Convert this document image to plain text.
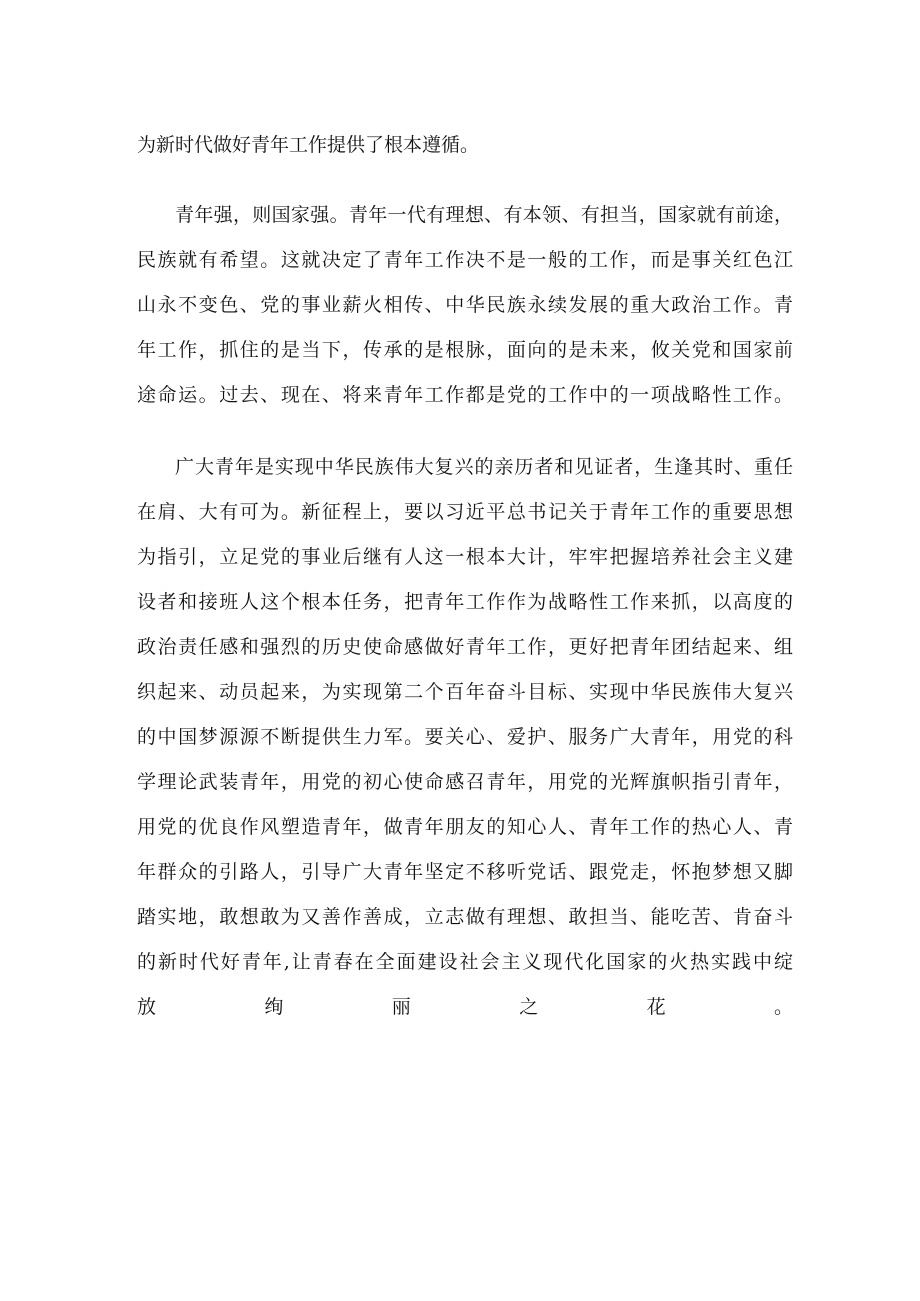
为新时代做好青年工作提供了根本遵循。
青年强，则国家强。青年一代有理想、有本领、有担当，国家就有前途，
民族就有希望。这就决定了青年工作决不是一般的工作，而是事关红色江
山永不变色、党的事业薪火相传、中华民族永续发展的重大政治工作。青
年工作，抓住的是当下，传承的是根脉，面向的是未来，攸关党和国家前
途命运。过去、现在、将来青年工作都是党的工作中的一项战略性工作。
广大青年是实现中华民族伟大复兴的亲历者和见证者，生逢其时、重任
在肩、大有可为。新征程上，要以习近平总书记关于青年工作的重要思想
为指引，立足党的事业后继有人这一根本大计，牢牢把握培养社会主义建
设者和接班人这个根本任务，把青年工作作为战略性工作来抓，以高度的
政治责任感和强烈的历史使命感做好青年工作，更好把青年团结起来、组
织起来、动员起来，为实现第二个百年奋斗目标、实现中华民族伟大复兴
的中国梦源源不断提供生力军。要关心、爱护、服务广大青年，用党的科
学理论武装青年，用党的初心使命感召青年，用党的光辉旗帜指引青年，
用党的优良作风塑造青年，做青年朋友的知心人、青年工作的热心人、青
年群众的引路人，引导广大青年坚定不移听党话、跟党走，怀抱梦想又脚
踏实地，敢想敢为又善作善成，立志做有理想、敢担当、能吃苦、肯奋斗
的新时代好青年,让青春在全面建设社会主义现代化国家的火热实践中绽
放绚丽之花。
